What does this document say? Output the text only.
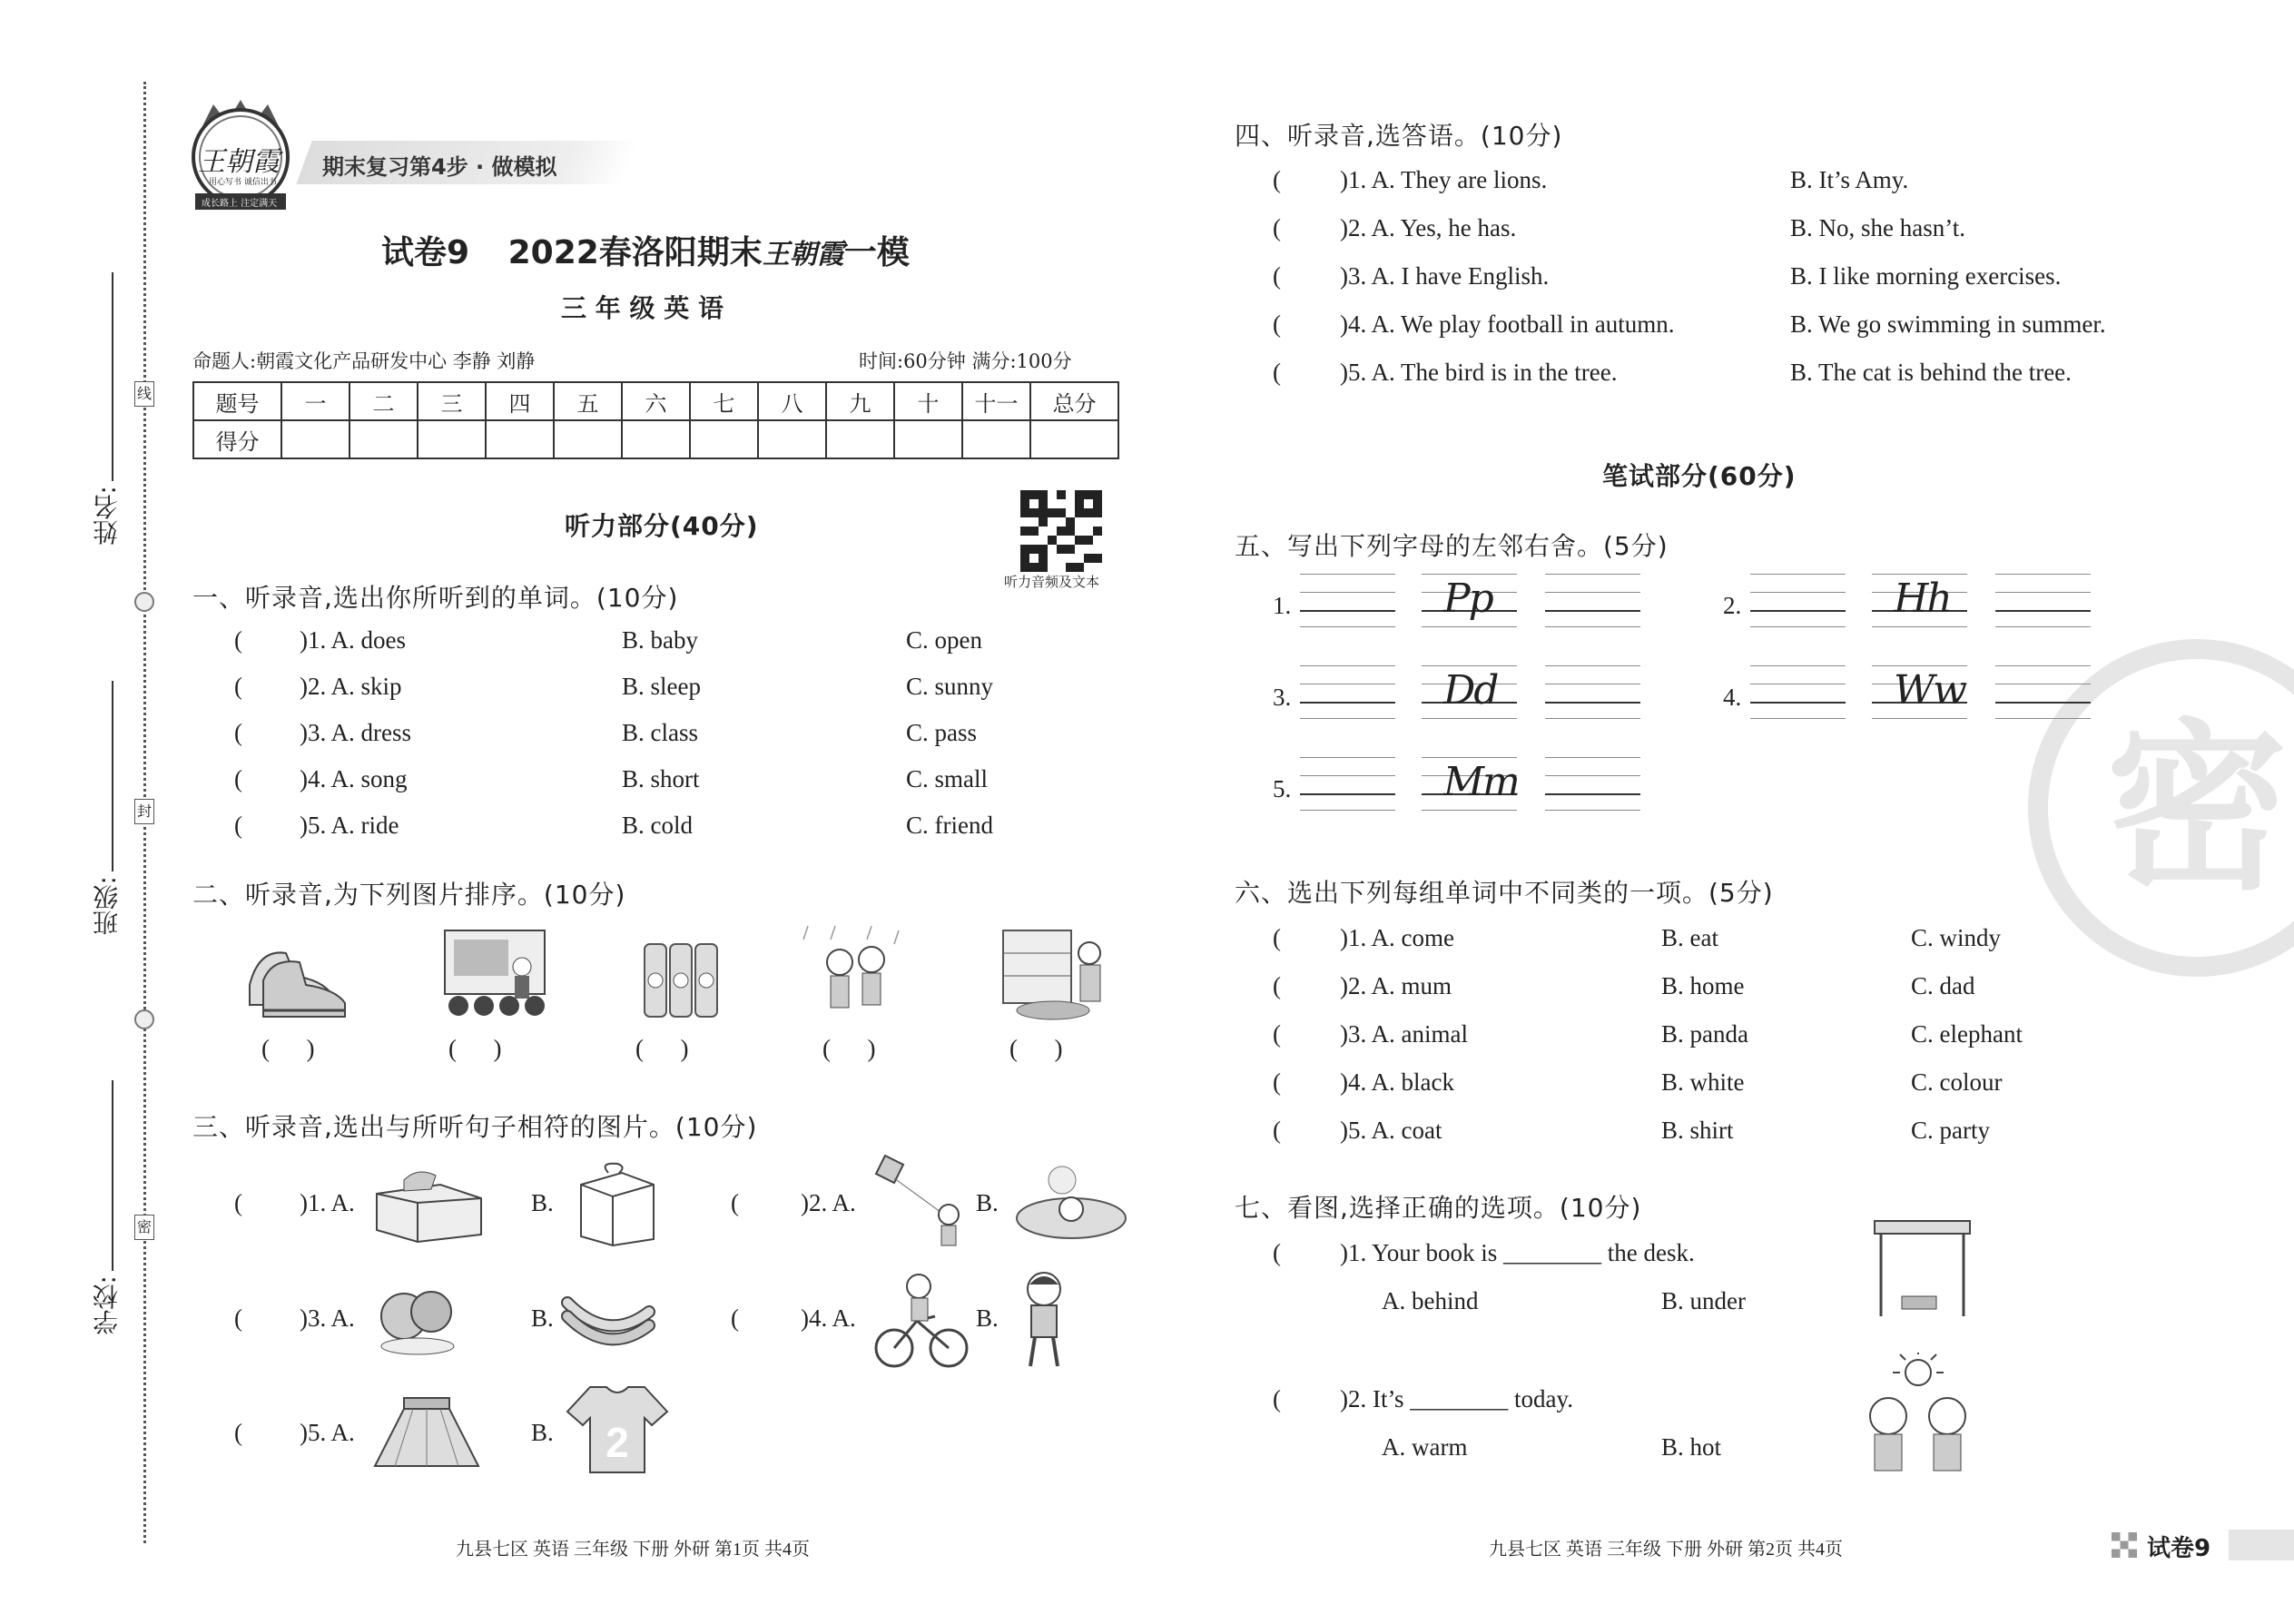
姓名:
班级:
学校:
线
封
密
王朝霞
用心写书 诚信出书
成长路上 注定满天
期末复习第4步 · 做模拟
试卷9 2022春洛阳期末王朝霞一模
三 年 级 英 语
命题人:朝霞文化产品研发中心 李静 刘静	时间:60分钟 满分:100分
题号	一	二	三	四	五	六	七	八	九	十	十一	总分
得分												
听力部分(40分)
听力音频及文本
一、听录音,选出你所听到的单词。(10分)
( )1. A. does	B. baby	C. open
( )2. A. skip	B. sleep	C. sunny
( )3. A. dress	B. class	C. pass
( )4. A. song	B. short	C. small
( )5. A. ride	B. cold	C. friend
二、听录音,为下列图片排序。(10分)
(      )	(      )	(      )	(      )	(      )
三、听录音,选出与所听句子相符的图片。(10分)
( )1. A.	B.	( )2. A.	B.
( )3. A.	B.	( )4. A.	B.
( )5. A.	B. 2
九县七区 英语 三年级 下册 外研 第1页 共4页
密
四、听录音,选答语。(10分)
( )1. A. They are lions.	B. It’s Amy.
( )2. A. Yes, he has.	B. No, she hasn’t.
( )3. A. I have English.	B. I like morning exercises.
( )4. A. We play football in autumn.	B. We go swimming in summer.
( )5. A. The bird is in the tree.	B. The cat is behind the tree.
笔试部分(60分)
五、写出下列字母的左邻右舍。(5分)
1.	Pp	2.	Hh
3.	Dd	4.	Ww
5.	Mm
六、选出下列每组单词中不同类的一项。(5分)
( )1. A. come	B. eat	C. windy
( )2. A. mum	B. home	C. dad
( )3. A. animal	B. panda	C. elephant
( )4. A. black	B. white	C. colour
( )5. A. coat	B. shirt	C. party
七、看图,选择正确的选项。(10分)
( )1. Your book is ________ the desk.
A. behind	B. under
( )2. It’s ________ today.
A. warm	B. hot
九县七区 英语 三年级 下册 外研 第2页 共4页	试卷9
